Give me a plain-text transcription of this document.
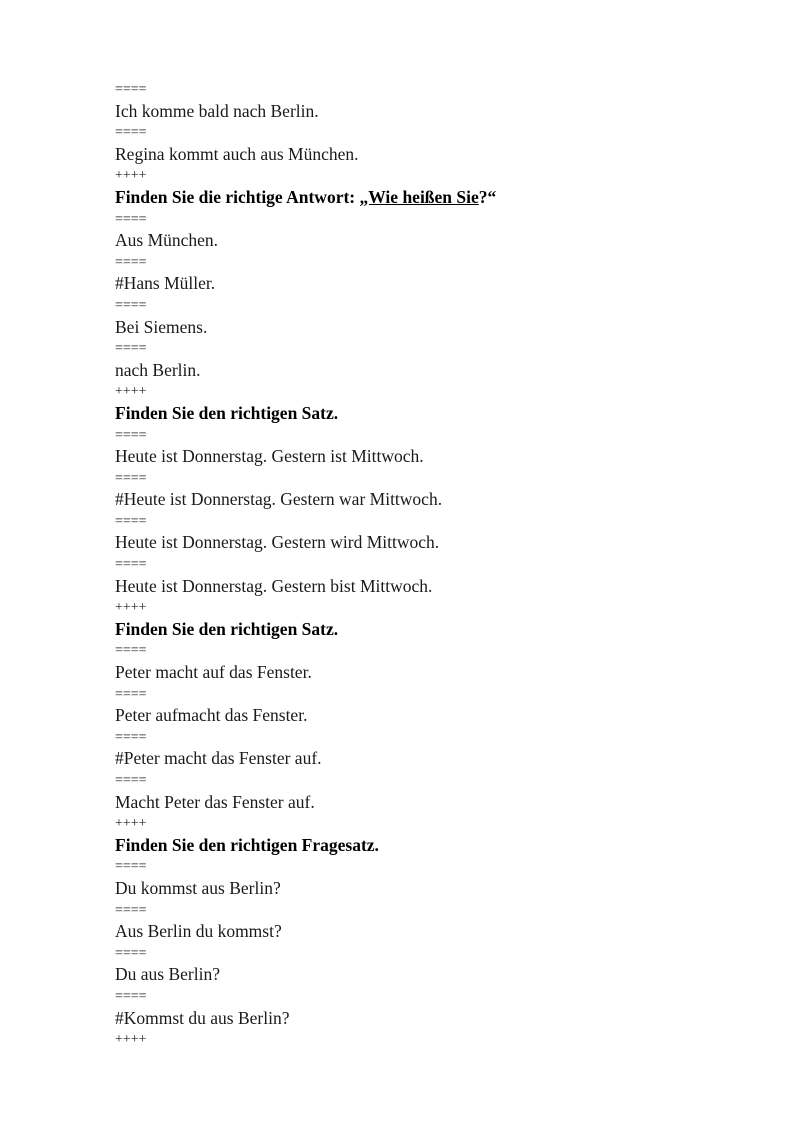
====
Ich komme bald nach Berlin.
====
Regina kommt auch aus München.
++++
Finden Sie die richtige Antwort: „Wie heißen Sie?“
====
Aus München.
====
#Hans Müller.
====
Bei Siemens.
====
nach Berlin.
++++
Finden Sie den richtigen Satz.
====
Heute ist Donnerstag. Gestern ist Mittwoch.
====
#Heute ist Donnerstag. Gestern war Mittwoch.
====
Heute ist Donnerstag. Gestern wird Mittwoch.
====
Heute ist Donnerstag. Gestern bist Mittwoch.
++++
Finden Sie den richtigen Satz.
====
Peter macht auf das Fenster.
====
Peter aufmacht das Fenster.
====
#Peter macht das Fenster auf.
====
Macht Peter das Fenster auf.
++++
Finden Sie den richtigen Fragesatz.
====
Du kommst aus Berlin?
====
Aus Berlin du kommst?
====
Du aus Berlin?
====
#Kommst du aus Berlin?
++++
